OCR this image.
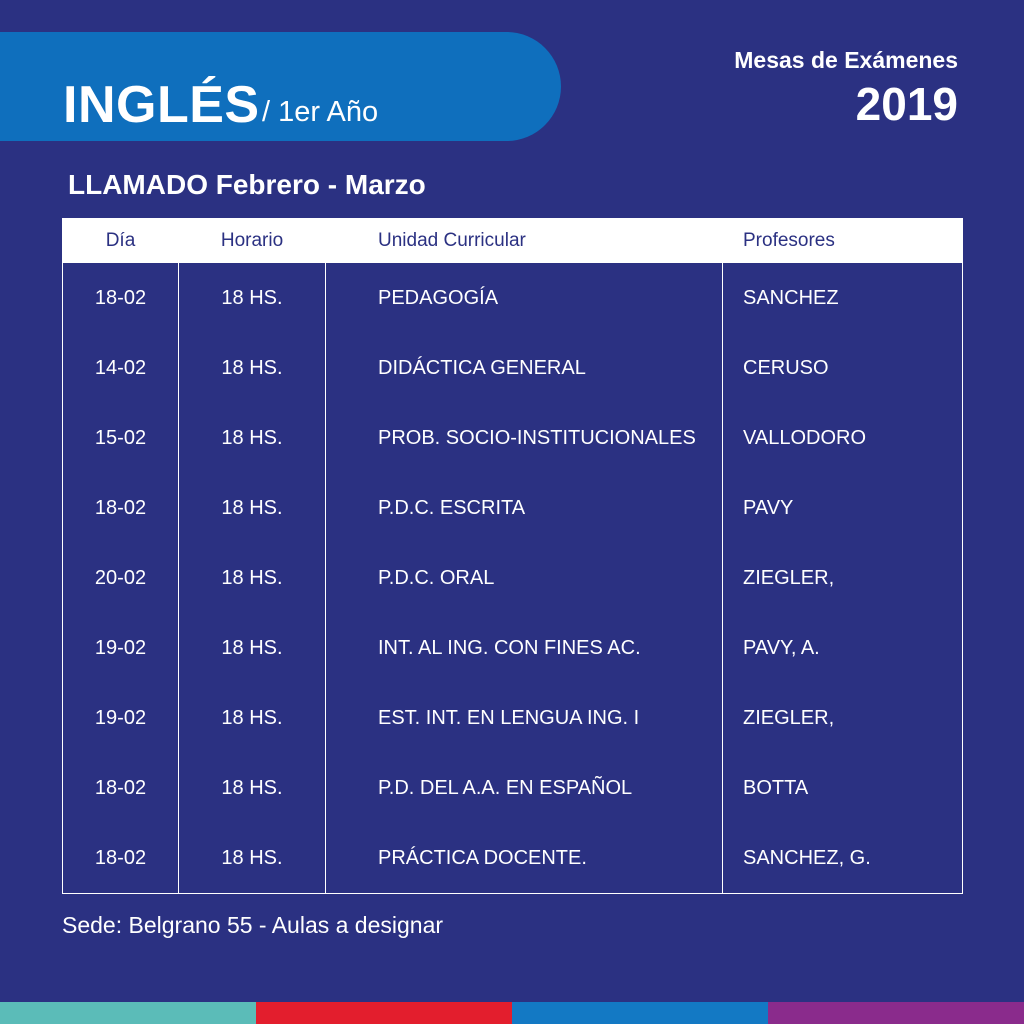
INGLÉS / 1er Año
Mesas de Exámenes
2019
LLAMADO Febrero - Marzo
Día	Horario	Unidad Curricular	Profesores
18-02	18 HS.	PEDAGOGÍA	SANCHEZ
14-02	18 HS.	DIDÁCTICA GENERAL	CERUSO
15-02	18 HS.	PROB. SOCIO-INSTITUCIONALES	VALLODORO
18-02	18 HS.	P.D.C. ESCRITA	PAVY
20-02	18 HS.	P.D.C. ORAL	ZIEGLER,
19-02	18 HS.	INT. AL ING. CON FINES AC.	PAVY, A.
19-02	18 HS.	EST. INT. EN LENGUA ING. I	ZIEGLER,
18-02	18 HS.	P.D. DEL A.A. EN ESPAÑOL	BOTTA
18-02	18 HS.	PRÁCTICA DOCENTE.	SANCHEZ, G.
Sede: Belgrano 55 - Aulas a designar
